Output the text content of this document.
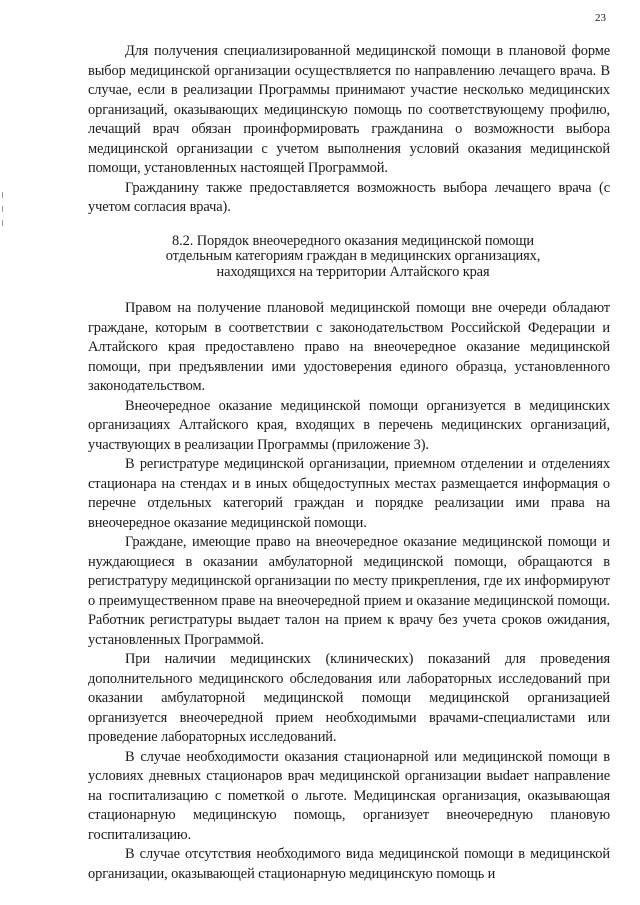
23

Для получения специализированной медицинской помощи в плановой форме выбор медицинской организации осуществляется по направлению лечащего врача. В случае, если в реализации Программы принимают участие несколько медицинских организаций, оказывающих медицинскую помощь по соответствующему профилю, лечащий врач обязан проинформировать гражданина о возможности выбора медицинской организации с учетом выполнения условий оказания медицинской помощи, установленных настоящей Программой.

Гражданину также предоставляется возможность выбора лечащего врача (с учетом согласия врача).

8.2. Порядок внеочередного оказания медицинской помощи
отдельным категориям граждан в медицинских организациях,
находящихся на территории Алтайского края

Правом на получение плановой медицинской помощи вне очереди обладают граждане, которым в соответствии с законодательством Российской Федерации и Алтайского края предоставлено право на внеочередное оказание медицинской помощи, при предъявлении ими удостоверения единого образца, установленного законодательством.

Внеочередное оказание медицинской помощи организуется в медицинских организациях Алтайского края, входящих в перечень медицинских организаций, участвующих в реализации Программы (приложение 3).

В регистратуре медицинской организации, приемном отделении и отделениях стационара на стендах и в иных общедоступных местах размещается информация о перечне отдельных категорий граждан и порядке реализации ими права на внеочередное оказание медицинской помощи.

Граждане, имеющие право на внеочередное оказание медицинской помощи и нуждающиеся в оказании амбулаторной медицинской помощи, обращаются в регистратуру медицинской организации по месту прикрепления, где их информируют о преимущественном праве на внеочередной прием и оказание медицинской помощи. Работник регистратуры выдает талон на прием к врачу без учета сроков ожидания, установленных Программой.

При наличии медицинских (клинических) показаний для проведения дополнительного медицинского обследования или лабораторных исследований при оказании амбулаторной медицинской помощи медицинской организацией организуется внеочередной прием необходимыми врачами-специалистами или проведение лабораторных исследований.

В случае необходимости оказания стационарной или медицинской помощи в условиях дневных стационаров врач медицинской организации выdает направление на госпитализацию с пометкой о льготе. Медицинская организация, оказывающая стационарную медицинскую помощь, организует внеочередную плановую госпитализацию.

В случае отсутствия необходимого вида медицинской помощи в медицинской организации, оказывающей стационарную медицинскую помощь и
